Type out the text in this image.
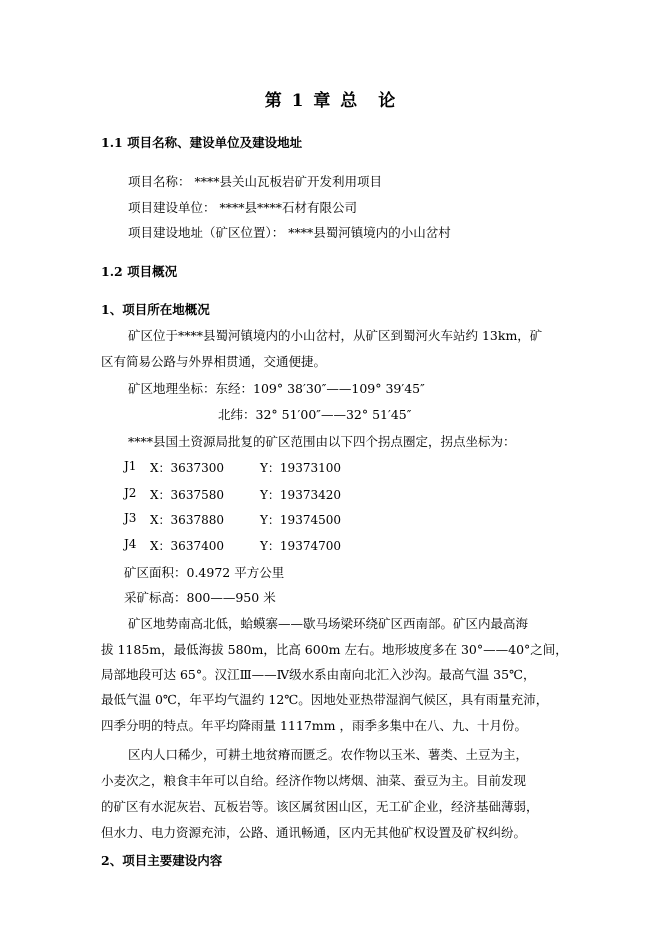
第 1 章 总　论
1.1 项目名称、建设单位及建设地址
项目名称： ****县关山瓦板岩矿开发利用项目
项目建设单位： ****县****石材有限公司
项目建设地址（矿区位置）： ****县蜀河镇境内的小山岔村
1.2 项目概况
1、项目所在地概况
矿区位于****县蜀河镇境内的小山岔村，从矿区到蜀河火车站约 13km，矿
区有简易公路与外界相贯通，交通便捷。
矿区地理坐标：东经：109° 38′30″——109° 39′45″
北纬：32° 51′00″——32° 51′45″
****县国土资源局批复的矿区范围由以下四个拐点圈定，拐点坐标为：
J1 X：3637300	Y：19373100
J2 X：3637580	Y：19373420
J3 X：3637880	Y：19374500
J4 X：3637400	Y：19374700
矿区面积：0.4972 平方公里
采矿标高：800——950 米
矿区地势南高北低，蛤蟆寨——歇马场梁环绕矿区西南部。矿区内最高海
拔 1185m，最低海拔 580m，比高 600m 左右。地形坡度多在 30°——40°之间，
局部地段可达 65°。汉江Ⅲ——Ⅳ级水系由南向北汇入沙沟。最高气温 35℃，
最低气温 0℃，年平均气温约 12℃。因地处亚热带湿润气候区，具有雨量充沛，
四季分明的特点。年平均降雨量 1117mm ，雨季多集中在八、九、十月份。
区内人口稀少，可耕土地贫瘠而匮乏。农作物以玉米、薯类、土豆为主，
小麦次之，粮食丰年可以自给。经济作物以烤烟、油菜、蚕豆为主。目前发现
的矿区有水泥灰岩、瓦板岩等。该区属贫困山区，无工矿企业，经济基础薄弱，
但水力、电力资源充沛，公路、通讯畅通，区内无其他矿权设置及矿权纠纷。
2、项目主要建设内容
